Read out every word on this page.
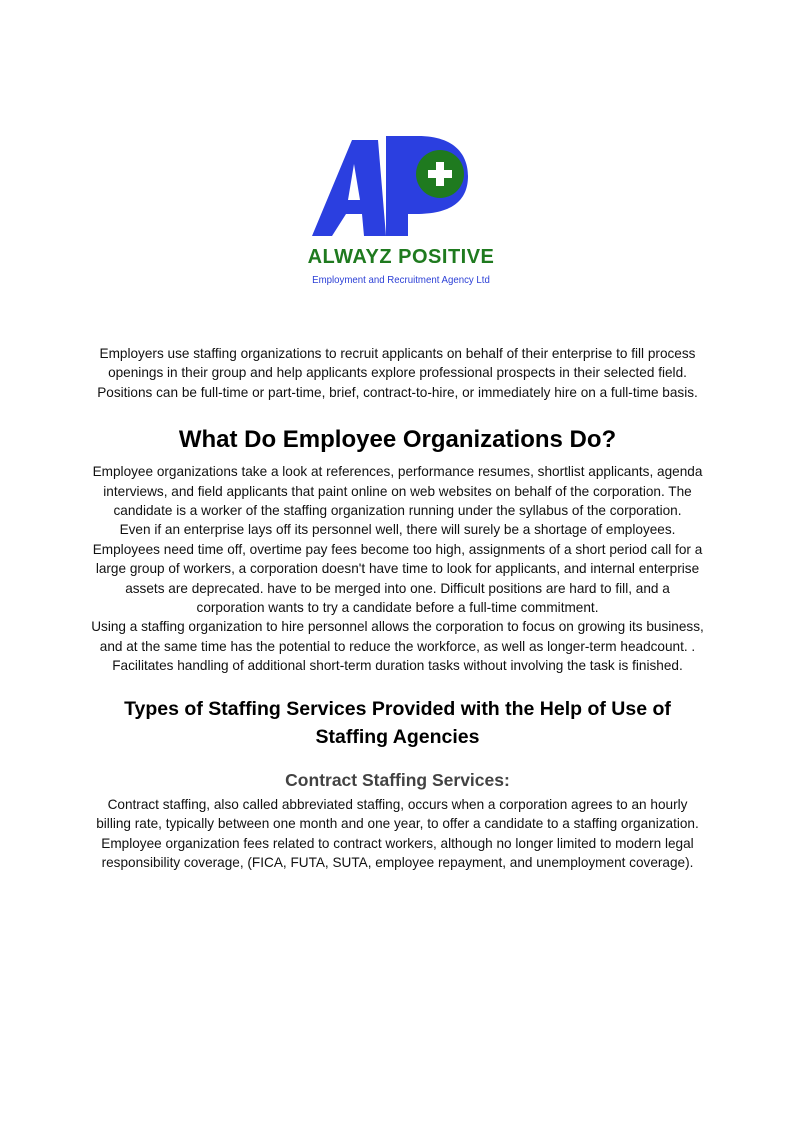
ALWAYZ POSITIVE
Employment and Recruitment Agency Ltd

Employers use staffing organizations to recruit applicants on behalf of their enterprise to fill process openings in their group and help applicants explore professional prospects in their selected field.

Positions can be full-time or part-time, brief, contract-to-hire, or immediately hire on a full-time basis.

What Do Employee Organizations Do?

Employee organizations take a look at references, performance resumes, shortlist applicants, agenda interviews, and field applicants that paint online on web websites on behalf of the corporation. The candidate is a worker of the staffing organization running under the syllabus of the corporation.

Even if an enterprise lays off its personnel well, there will surely be a shortage of employees. Employees need time off, overtime pay fees become too high, assignments of a short period call for a large group of workers, a corporation doesn't have time to look for applicants, and internal enterprise assets are deprecated. have to be merged into one. Difficult positions are hard to fill, and a corporation wants to try a candidate before a full-time commitment.

Using a staffing organization to hire personnel allows the corporation to focus on growing its business, and at the same time has the potential to reduce the workforce, as well as longer-term headcount. . Facilitates handling of additional short-term duration tasks without involving the task is finished.

Types of Staffing Services Provided with the Help of Use of Staffing Agencies
Contract Staffing Services:

Contract staffing, also called abbreviated staffing, occurs when a corporation agrees to an hourly billing rate, typically between one month and one year, to offer a candidate to a staffing organization.

Employee organization fees related to contract workers, although no longer limited to modern legal responsibility coverage, (FICA, FUTA, SUTA, employee repayment, and unemployment coverage).
